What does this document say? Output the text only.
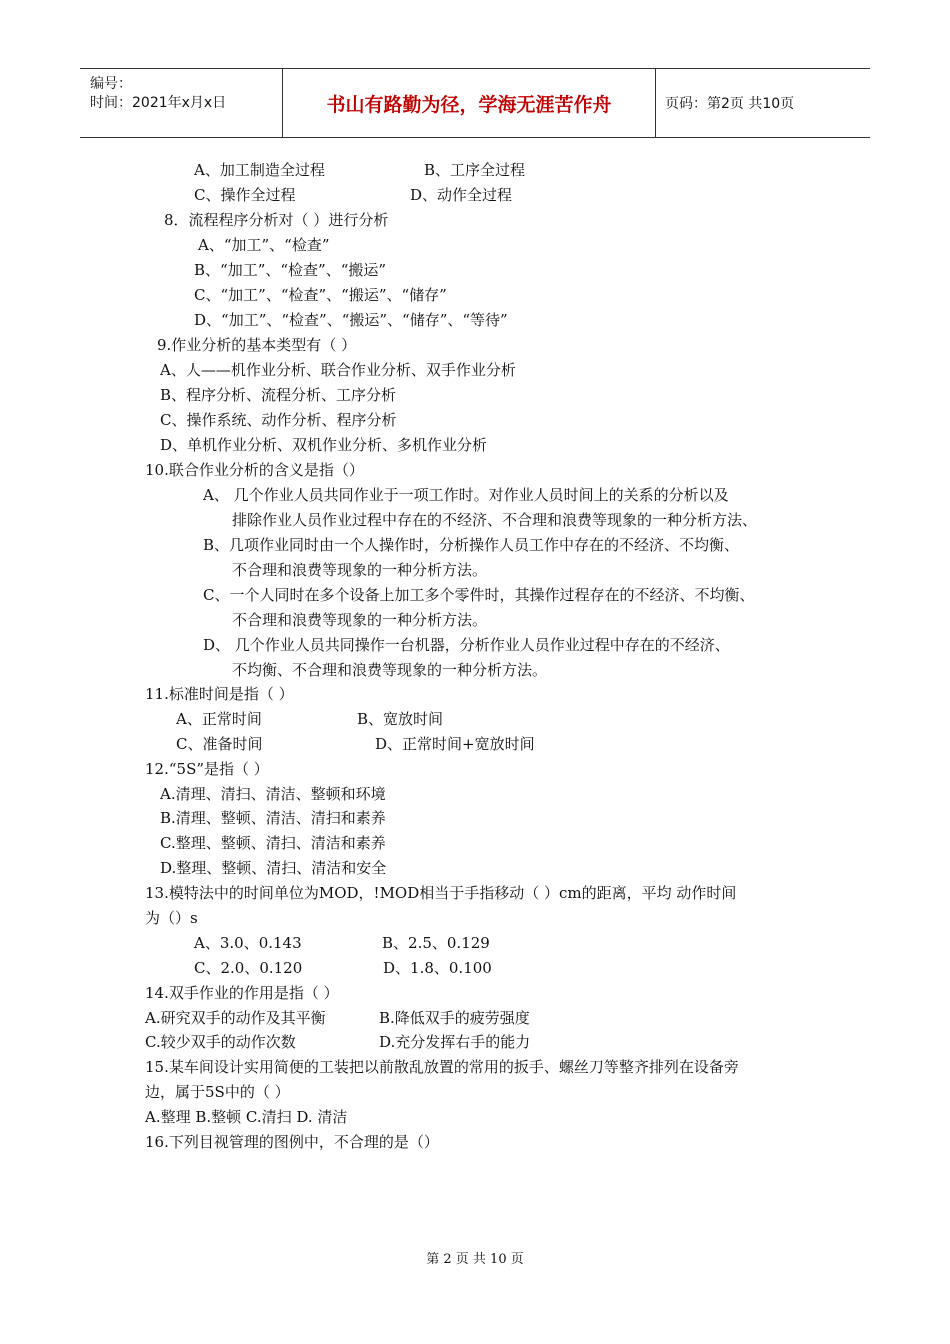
编号：
时间：2021年x月x日	书山有路勤为径，学海无涯苦作舟	页码：第2页 共10页
A、加工制造全过程	B、工序全过程
C、操作全过程	D、动作全过程
8．流程程序分析对（ ）进行分析
A、“加工”、“检查”
B、“加工”、“检查”、“搬运”
C、“加工”、“检查”、“搬运”、“储存”
D、“加工”、“检查”、“搬运”、“储存”、“等待”
9.作业分析的基本类型有（ ）
A、人——机作业分析、联合作业分析、双手作业分析
B、程序分析、流程分析、工序分析
C、操作系统、动作分析、程序分析
D、单机作业分析、双机作业分析、多机作业分析
10.联合作业分析的含义是指（）
A、 几个作业人员共同作业于一项工作时。对作业人员时间上的关系的分析以及
排除作业人员作业过程中存在的不经济、不合理和浪费等现象的一种分析方法、
B、几项作业同时由一个人操作时，分析操作人员工作中存在的不经济、不均衡、
不合理和浪费等现象的一种分析方法。
C、一个人同时在多个设备上加工多个零件时，其操作过程存在的不经济、不均衡、
不合理和浪费等现象的一种分析方法。
D、 几个作业人员共同操作一台机器，分析作业人员作业过程中存在的不经济、
不均衡、不合理和浪费等现象的一种分析方法。
11.标准时间是指（ ）
A、正常时间	B、宽放时间
C、准备时间	D、正常时间+宽放时间
12.“5S”是指（ ）
A.清理、清扫、清洁、整顿和环境
B.清理、整顿、清洁、清扫和素养
C.整理、整顿、清扫、清洁和素养
D.整理、整顿、清扫、清洁和安全
13.模特法中的时间单位为MOD，!MOD相当于手指移动（ ）cm的距离，平均 动作时间
为（）s
A、3.0、0.143	B、2.5、0.129
C、2.0、0.120	D、1.8、0.100
14.双手作业的作用是指（ ）
A.研究双手的动作及其平衡	B.降低双手的疲劳强度
C.较少双手的动作次数	D.充分发挥右手的能力
15.某车间设计实用简便的工装把以前散乱放置的常用的扳手、螺丝刀等整齐排列在设备旁
边，属于5S中的（ ）
A.整理 B.整顿 C.清扫 D. 清洁
16.下列目视管理的图例中，不合理的是（）
第 2 页 共 10 页
